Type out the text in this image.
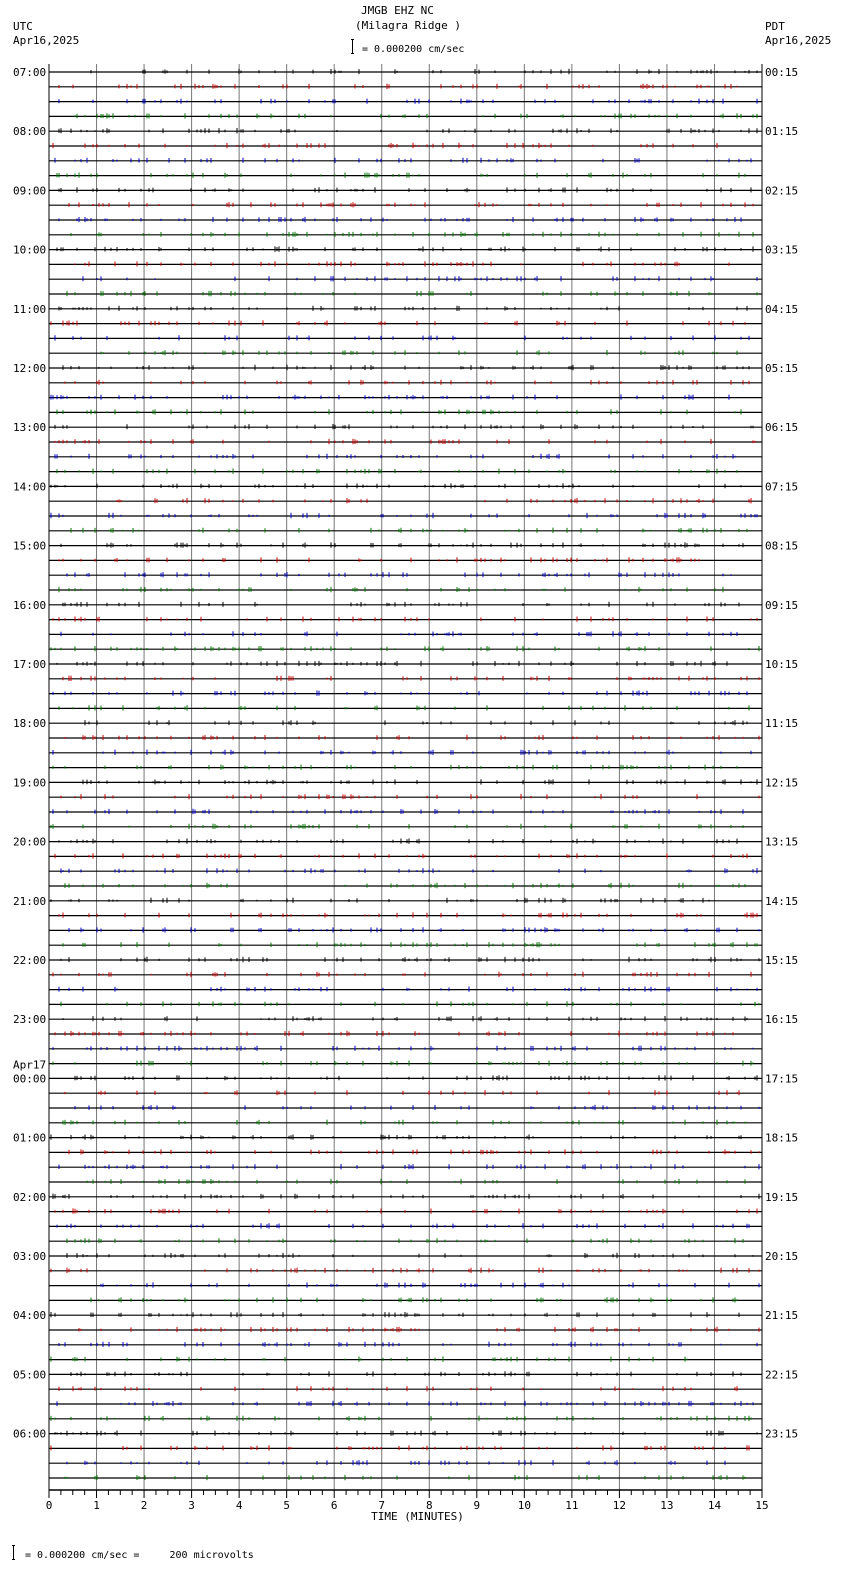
JMGB EHZ NC
(Milagra Ridge )
= 0.000200 cm/sec
UTC
Apr16,2025
PDT
Apr16,2025
07:00
08:00
09:00
10:00
11:00
12:00
13:00
14:00
15:00
16:00
17:00
18:00
19:00
20:00
21:00
22:00
23:00
00:00
01:00
02:00
03:00
04:00
05:00
06:00
00:15
01:15
02:15
03:15
04:15
05:15
06:15
07:15
08:15
09:15
10:15
11:15
12:15
13:15
14:15
15:15
16:15
17:15
18:15
19:15
20:15
21:15
22:15
23:15
Apr17
0	1	2	3	4	5	6	7	8	9	10	11	12	13	14	15
TIME (MINUTES)
= 0.000200 cm/sec =     200 microvolts
